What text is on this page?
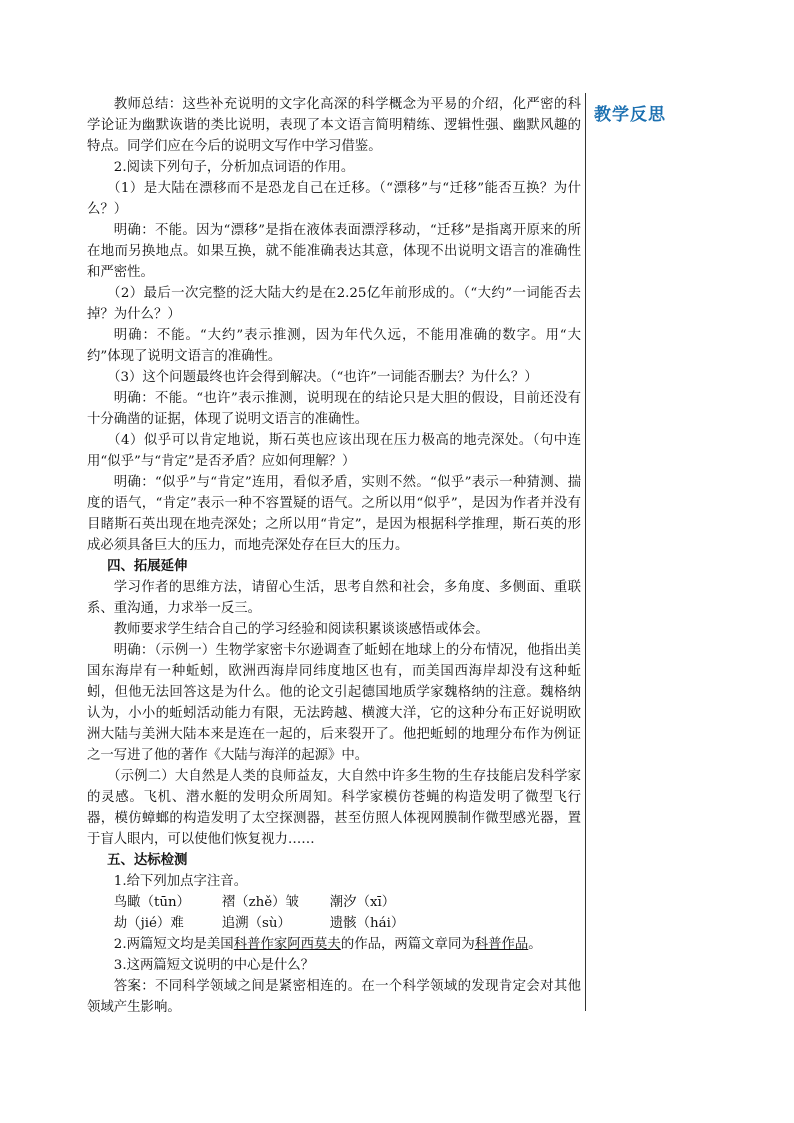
教学反思

教师总结：这些补充说明的文字化高深的科学概念为平易的介绍，化严密的科学论证为幽默诙谐的类比说明，表现了本文语言简明精练、逻辑性强、幽默风趣的特点。同学们应在今后的说明文写作中学习借鉴。

2.阅读下列句子，分析加点词语的作用。

（1）是大陆在漂移而不是恐龙自己在迁移。（“漂移”与“迁移”能否互换？为什么？）

明确：不能。因为“漂移”是指在液体表面漂浮移动，“迁移”是指离开原来的所在地而另换地点。如果互换，就不能准确表达其意，体现不出说明文语言的准确性和严密性。

（2）最后一次完整的泛大陆大约是在2.25亿年前形成的。（“大约”一词能否去掉？为什么？）

明确：不能。“大约”表示推测，因为年代久远，不能用准确的数字。用“大约”体现了说明文语言的准确性。

（3）这个问题最终也许会得到解决。（“也许”一词能否删去？为什么？）

明确：不能。“也许”表示推测，说明现在的结论只是大胆的假设，目前还没有十分确凿的证据，体现了说明文语言的准确性。

（4）似乎可以肯定地说，斯石英也应该出现在压力极高的地壳深处。（句中连用“似乎”与“肯定”是否矛盾？应如何理解？）

明确：“似乎”与“肯定”连用，看似矛盾，实则不然。“似乎”表示一种猜测、揣度的语气，“肯定”表示一种不容置疑的语气。之所以用“似乎”，是因为作者并没有目睹斯石英出现在地壳深处；之所以用“肯定”，是因为根据科学推理，斯石英的形成必须具备巨大的压力，而地壳深处存在巨大的压力。

四、拓展延伸

学习作者的思维方法，请留心生活，思考自然和社会，多角度、多侧面、重联系、重沟通，力求举一反三。

教师要求学生结合自己的学习经验和阅读积累谈谈感悟或体会。

明确：（示例一）生物学家密卡尔逊调查了蚯蚓在地球上的分布情况，他指出美国东海岸有一种蚯蚓，欧洲西海岸同纬度地区也有，而美国西海岸却没有这种蚯蚓，但他无法回答这是为什么。他的论文引起德国地质学家魏格纳的注意。魏格纳认为，小小的蚯蚓活动能力有限，无法跨越、横渡大洋，它的这种分布正好说明欧洲大陆与美洲大陆本来是连在一起的，后来裂开了。他把蚯蚓的地理分布作为例证之一写进了他的著作《大陆与海洋的起源》中。

（示例二）大自然是人类的良师益友，大自然中许多生物的生存技能启发科学家的灵感。飞机、潜水艇的发明众所周知。科学家模仿苍蝇的构造发明了微型飞行器，模仿蟑螂的构造发明了太空探测器，甚至仿照人体视网膜制作微型感光器，置于盲人眼内，可以使他们恢复视力……

五、达标检测

1.给下列加点字注音。

鸟瞰（tūn） 褶（zhě）皱 潮汐（xī）
劫（jié）难	追溯（sù）	遗骸（hái）

2.两篇短文均是美国科普作家阿西莫夫的作品，两篇文章同为科普作品。

3.这两篇短文说明的中心是什么？

答案：不同科学领域之间是紧密相连的。在一个科学领域的发现肯定会对其他领域产生影响。
